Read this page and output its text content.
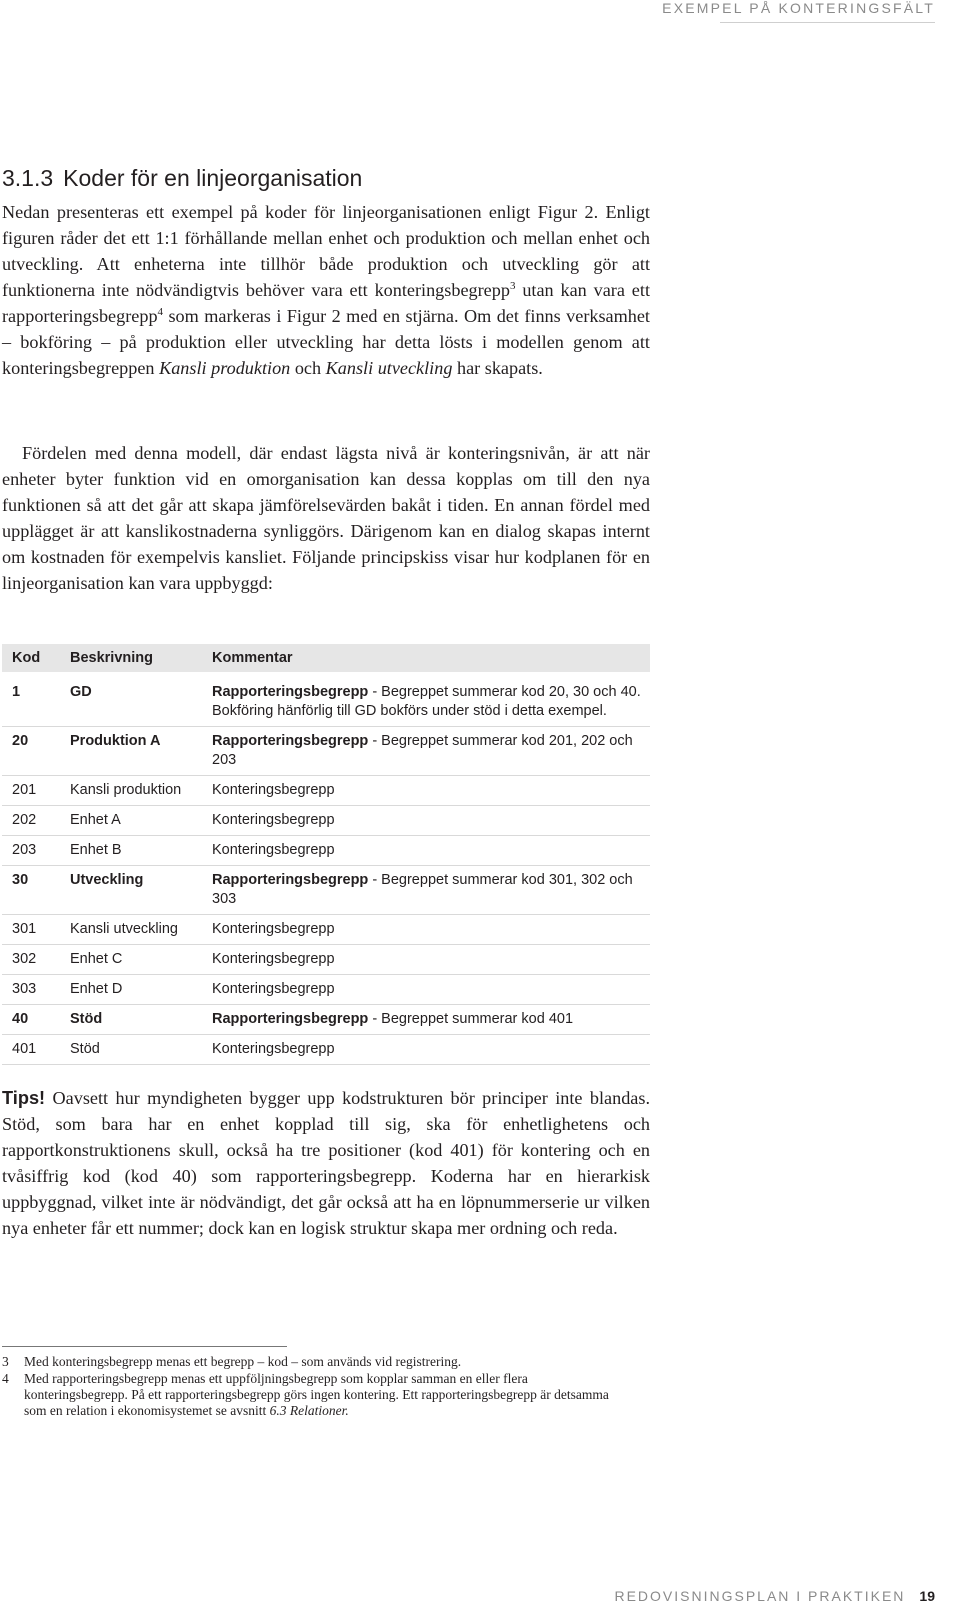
EXEMPEL PÅ KONTERINGSFÄLT
3.1.3 Koder för en linjeorganisation

Nedan presenteras ett exempel på koder för linjeorganisationen enligt Figur 2. Enligt figuren råder det ett 1:1 förhållande mellan enhet och produktion och mellan enhet och utveckling. Att enheterna inte tillhör både produktion och utveckling gör att funktionerna inte nödvändigtvis behöver vara ett konteringsbegrepp$^3$ utan kan vara ett rapporteringsbegrepp$^4$ som markeras i Figur 2 med en stjärna. Om det finns verksamhet – bokföring – på produktion eller utveckling har detta lösts i modellen genom att konteringsbegreppen Kansli produktion och Kansli utveckling har skapats.

Fördelen med denna modell, där endast lägsta nivå är konteringsnivån, är att när enheter byter funktion vid en omorganisation kan dessa kopplas om till den nya funktionen så att det går att skapa jämförelsevärden bakåt i tiden. En annan fördel med upplägget är att kanslikostnaderna synliggörs. Därigenom kan en dialog skapas internt om kostnaden för exempelvis kansliet. Följande principskiss visar hur kodplanen för en linjeorganisation kan vara uppbyggd:

Kod	Beskrivning	Kommentar

1	GD	Rapporteringsbegrepp - Begreppet summerar kod 20, 30 och 40. Bokföring hänförlig till GD bokförs under stöd i detta exempel.
20	Produktion A	Rapporteringsbegrepp - Begreppet summerar kod 201, 202 och 203
201	Kansli produktion	Konteringsbegrepp
202	Enhet A	Konteringsbegrepp
203	Enhet B	Konteringsbegrepp
30	Utveckling	Rapporteringsbegrepp - Begreppet summerar kod 301, 302 och 303
301	Kansli utveckling	Konteringsbegrepp
302	Enhet C	Konteringsbegrepp
303	Enhet D	Konteringsbegrepp
40	Stöd	Rapporteringsbegrepp - Begreppet summerar kod 401
401	Stöd	Konteringsbegrepp

Tips! Oavsett hur myndigheten bygger upp kodstrukturen bör principer inte blandas. Stöd, som bara har en enhet kopplad till sig, ska för enhetlighetens och rapportkonstruktionens skull, också ha tre positioner (kod 401) för kontering och en tvåsiffrig kod (kod 40) som rapporteringsbegrepp. Koderna har en hierarkisk uppbyggnad, vilket inte är nödvändigt, det går också att ha en löpnummerserie ur vilken nya enheter får ett nummer; dock kan en logisk struktur skapa mer ordning och reda.

3	Med konteringsbegrepp menas ett begrepp – kod – som används vid registrering.
4	Med rapporteringsbegrepp menas ett uppföljningsbegrepp som kopplar samman en eller flera konteringsbegrepp. På ett rapporteringsbegrepp görs ingen kontering. Ett rapporteringsbegrepp är detsamma som en relation i ekonomisystemet se avsnitt 6.3 Relationer.
REDOVISNINGSPLAN I PRAKTIKEN 19
